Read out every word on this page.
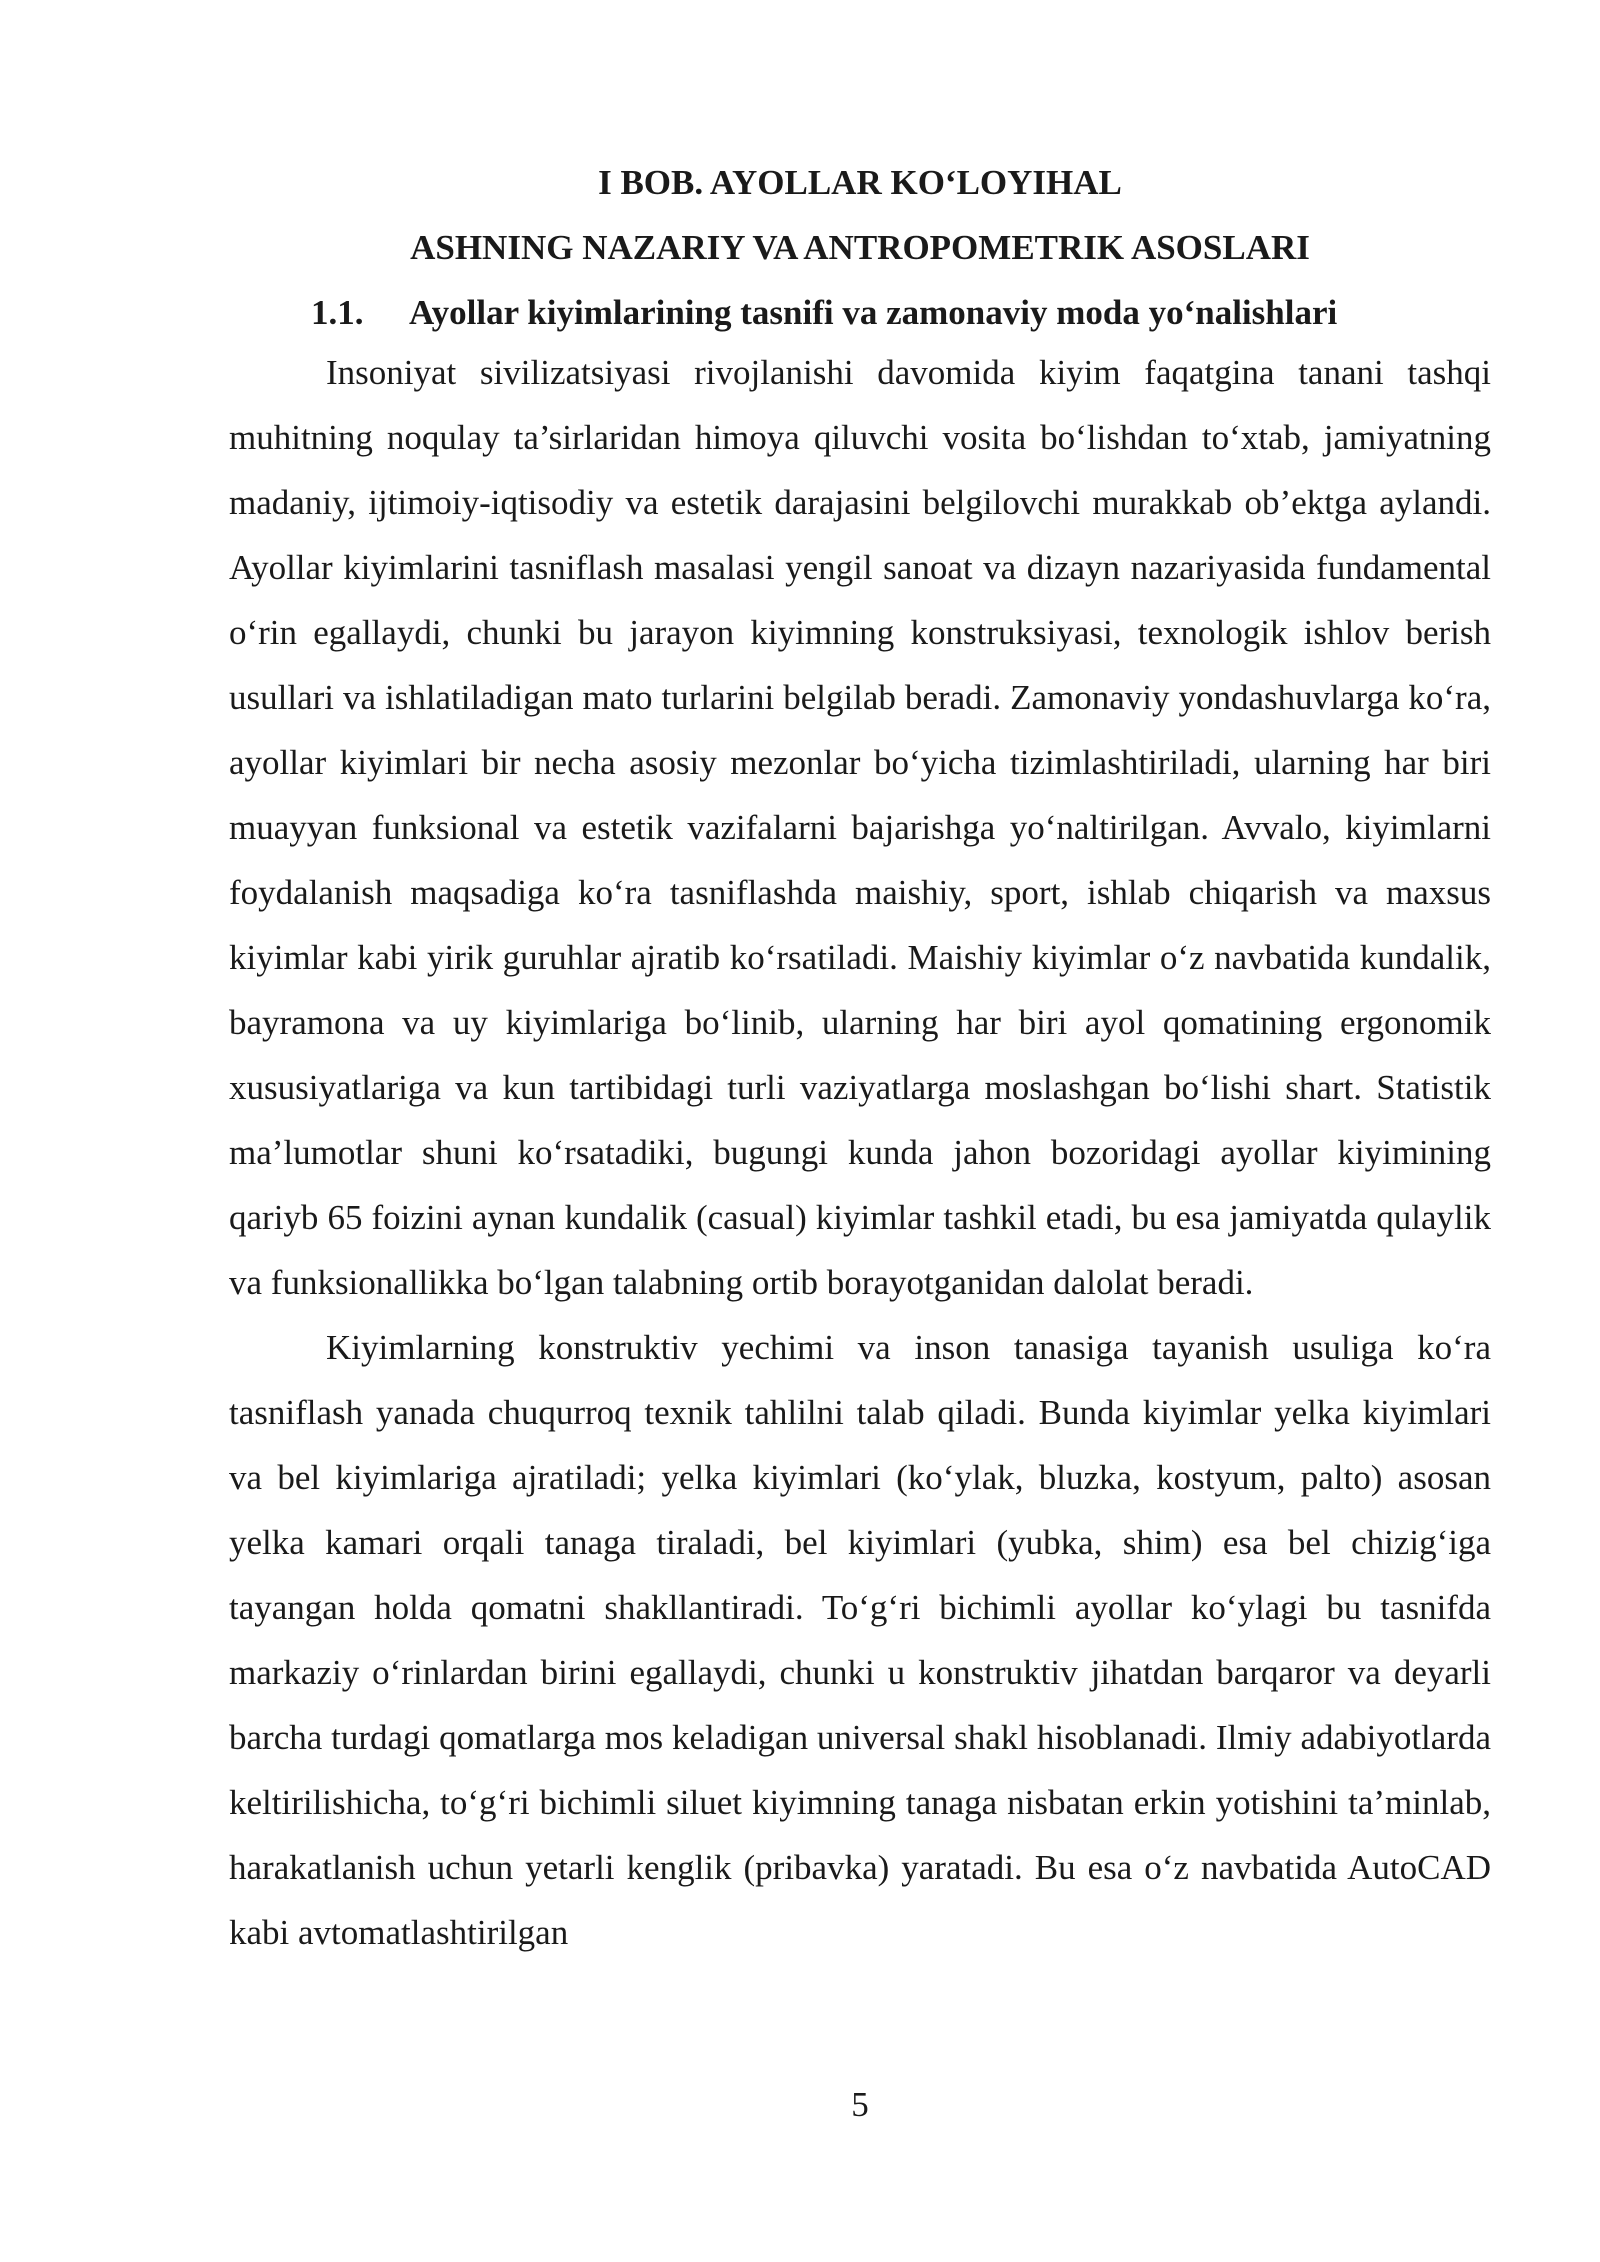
I BOB. AYOLLAR KO‘LOYIHAL

ASHNING NAZARIY VA ANTROPOMETRIK ASOSLARI

1.1. Ayollar kiyimlarining tasnifi va zamonaviy moda yo‘nalishlari

Insoniyat sivilizatsiyasi rivojlanishi davomida kiyim faqatgina tanani tashqi muhitning noqulay ta’sirlaridan himoya qiluvchi vosita bo‘lishdan to‘xtab, jamiyatning madaniy, ijtimoiy-iqtisodiy va estetik darajasini belgilovchi murakkab ob’ektga aylandi. Ayollar kiyimlarini tasniflash masalasi yengil sanoat va dizayn nazariyasida fundamental o‘rin egallaydi, chunki bu jarayon kiyimning konstruksiyasi, texnologik ishlov berish usullari va ishlatiladigan mato turlarini belgilab beradi. Zamonaviy yondashuvlarga ko‘ra, ayollar kiyimlari bir necha asosiy mezonlar bo‘yicha tizimlashtiriladi, ularning har biri muayyan funksional va estetik vazifalarni bajarishga yo‘naltirilgan. Avvalo, kiyimlarni foydalanish maqsadiga ko‘ra tasniflashda maishiy, sport, ishlab chiqarish va maxsus kiyimlar kabi yirik guruhlar ajratib ko‘rsatiladi. Maishiy kiyimlar o‘z navbatida kundalik, bayramona va uy kiyimlariga bo‘linib, ularning har biri ayol qomatining ergonomik xususiyatlariga va kun tartibidagi turli vaziyatlarga moslashgan bo‘lishi shart. Statistik ma’lumotlar shuni ko‘rsatadiki, bugungi kunda jahon bozoridagi ayollar kiyimining qariyb 65 foizini aynan kundalik (casual) kiyimlar tashkil etadi, bu esa jamiyatda qulaylik va funksionallikka bo‘lgan talabning ortib borayotganidan dalolat beradi.

Kiyimlarning konstruktiv yechimi va inson tanasiga tayanish usuliga ko‘ra tasniflash yanada chuqurroq texnik tahlilni talab qiladi. Bunda kiyimlar yelka kiyimlari va bel kiyimlariga ajratiladi; yelka kiyimlari (ko‘ylak, bluzka, kostyum, palto) asosan yelka kamari orqali tanaga tiraladi, bel kiyimlari (yubka, shim) esa bel chizig‘iga tayangan holda qomatni shakllantiradi. To‘g‘ri bichimli ayollar ko‘ylagi bu tasnifda markaziy o‘rinlardan birini egallaydi, chunki u konstruktiv jihatdan barqaror va deyarli barcha turdagi qomatlarga mos keladigan universal shakl hisoblanadi. Ilmiy adabiyotlarda keltirilishicha, to‘g‘ri bichimli siluet kiyimning tanaga nisbatan erkin yotishini ta’minlab, harakatlanish uchun yetarli kenglik (pribavka) yaratadi. Bu esa o‘z navbatida AutoCAD kabi avtomatlashtirilgan

5
